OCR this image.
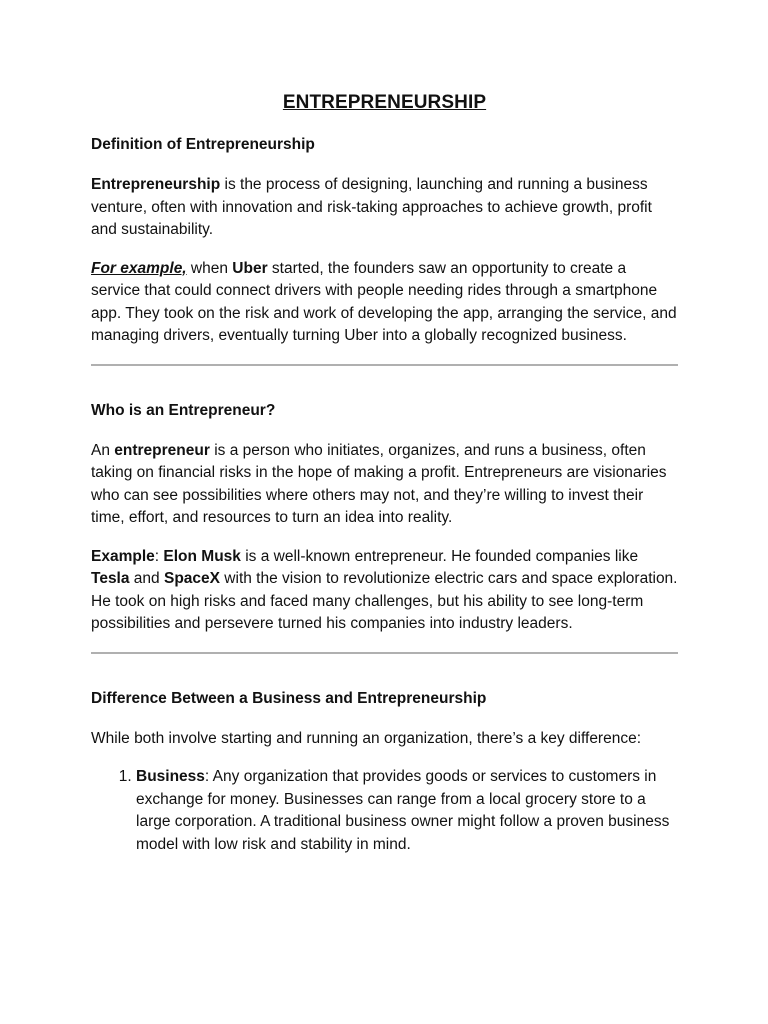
ENTREPRENEURSHIP
Definition of Entrepreneurship

Entrepreneurship is the process of designing, launching and running a business venture, often with innovation and risk-taking approaches to achieve growth, profit and sustainability.

For example, when Uber started, the founders saw an opportunity to create a service that could connect drivers with people needing rides through a smartphone app. They took on the risk and work of developing the app, arranging the service, and managing drivers, eventually turning Uber into a globally recognized business.

Who is an Entrepreneur?

An entrepreneur is a person who initiates, organizes, and runs a business, often taking on financial risks in the hope of making a profit. Entrepreneurs are visionaries who can see possibilities where others may not, and they’re willing to invest their time, effort, and resources to turn an idea into reality.

Example: Elon Musk is a well-known entrepreneur. He founded companies like Tesla and SpaceX with the vision to revolutionize electric cars and space exploration. He took on high risks and faced many challenges, but his ability to see long-term possibilities and persevere turned his companies into industry leaders.

Difference Between a Business and Entrepreneurship

While both involve starting and running an organization, there’s a key difference:

1. Business: Any organization that provides goods or services to customers in exchange for money. Businesses can range from a local grocery store to a large corporation. A traditional business owner might follow a proven business model with low risk and stability in mind.
